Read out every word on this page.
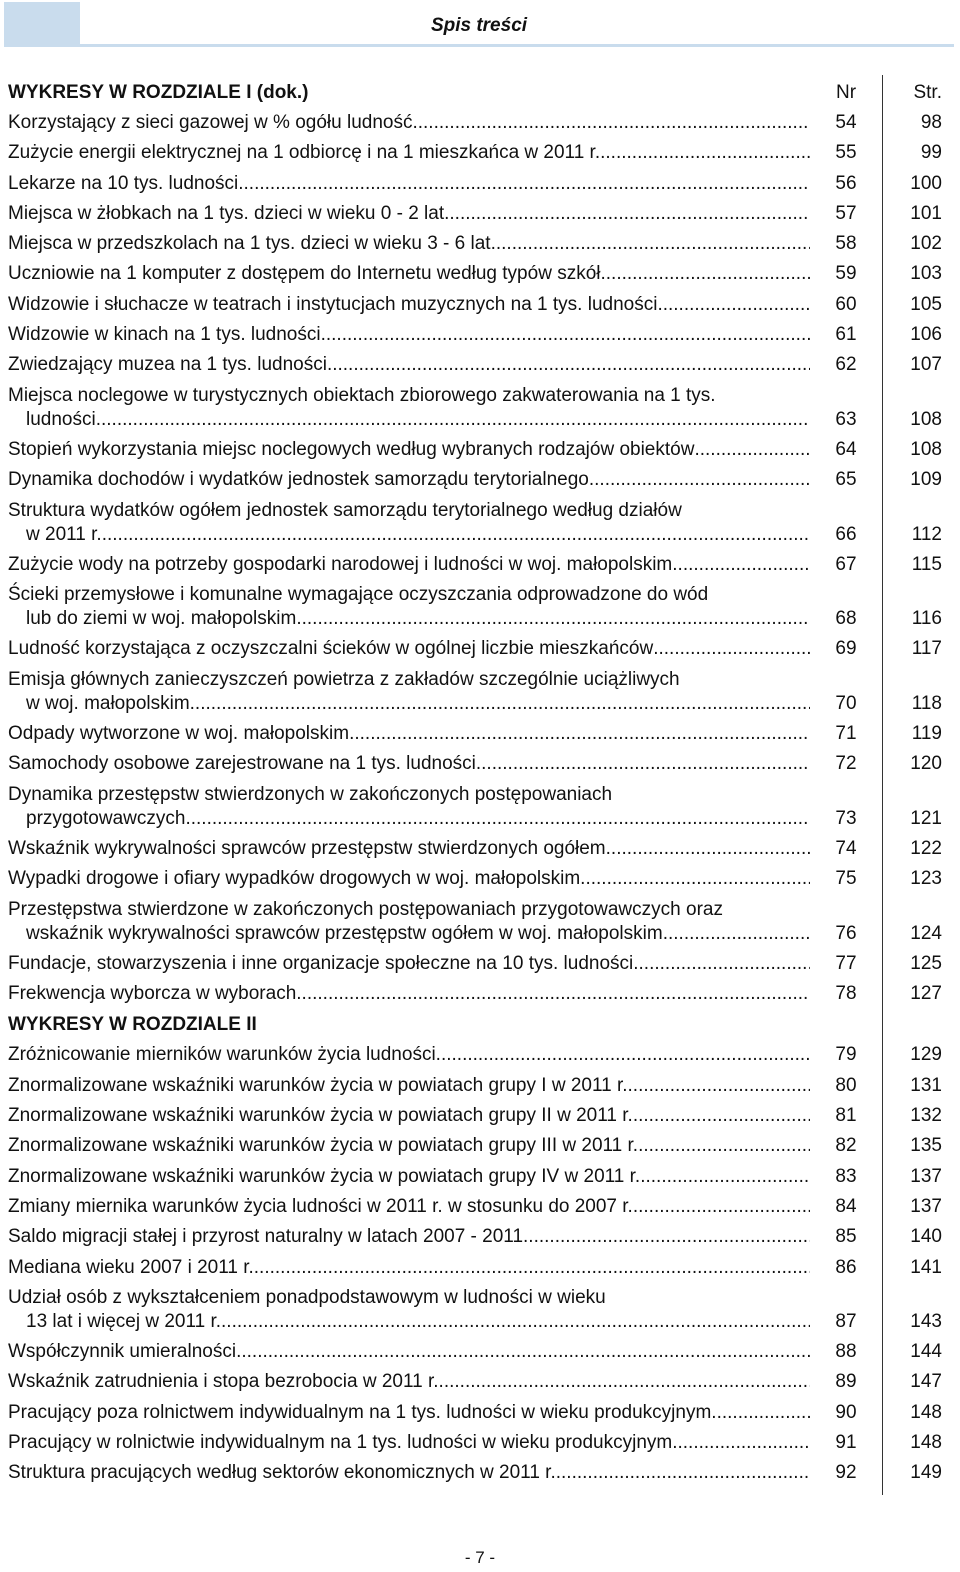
Spis treści
WYKRESY W ROZDZIALE I (dok.)	Nr	Str.
Korzystający z sieci gazowej w % ogółu ludność .....	54	98
Zużycie energii elektrycznej na 1 odbiorcę i na 1 mieszkańca w 2011 r. .....	55	99
Lekarze na 10 tys. ludności .....	56	100
Miejsca w żłobkach na 1 tys. dzieci w wieku 0 - 2 lat .....	57	101
Miejsca w przedszkolach na 1 tys. dzieci w wieku 3 - 6 lat .....	58	102
Uczniowie na 1 komputer z dostępem do Internetu według typów szkół .....	59	103
Widzowie i słuchacze w teatrach i instytucjach muzycznych na 1 tys. ludności .....	60	105
Widzowie w kinach na 1 tys. ludności .....	61	106
Zwiedzający muzea na 1 tys. ludności .....	62	107
Miejsca noclegowe w turystycznych obiektach zbiorowego zakwaterowania na 1 tys.
ludności .....	63	108
Stopień wykorzystania miejsc noclegowych według wybranych rodzajów obiektów .....	64	108
Dynamika dochodów i wydatków jednostek samorządu terytorialnego .....	65	109
Struktura wydatków ogółem jednostek samorządu terytorialnego według działów
w 2011 r. .....	66	112
Zużycie wody na potrzeby gospodarki narodowej i ludności w woj. małopolskim .....	67	115
Ścieki przemysłowe i komunalne wymagające oczyszczania odprowadzone do wód
lub do ziemi w woj. małopolskim .....	68	116
Ludność korzystająca z oczyszczalni ścieków w ogólnej liczbie mieszkańców .....	69	117
Emisja głównych zanieczyszczeń powietrza z zakładów szczególnie uciążliwych
w woj. małopolskim .....	70	118
Odpady wytworzone w woj. małopolskim .....	71	119
Samochody osobowe zarejestrowane na 1 tys. ludności .....	72	120
Dynamika przestępstw stwierdzonych w zakończonych postępowaniach
przygotowawczych .....	73	121
Wskaźnik wykrywalności sprawców przestępstw stwierdzonych ogółem .....	74	122
Wypadki drogowe i ofiary wypadków drogowych w woj. małopolskim .....	75	123
Przestępstwa stwierdzone w zakończonych postępowaniach przygotowawczych oraz
wskaźnik wykrywalności sprawców przestępstw ogółem w woj. małopolskim .....	76	124
Fundacje, stowarzyszenia i inne organizacje społeczne na 10 tys. ludności .....	77	125
Frekwencja wyborcza w wyborach .....	78	127
WYKRESY W ROZDZIALE II
Zróżnicowanie mierników warunków życia ludności .....	79	129
Znormalizowane wskaźniki warunków życia w powiatach grupy I w 2011 r. .....	80	131
Znormalizowane wskaźniki warunków życia w powiatach grupy II w 2011 r. .....	81	132
Znormalizowane wskaźniki warunków życia w powiatach grupy III w 2011 r. .....	82	135
Znormalizowane wskaźniki warunków życia w powiatach grupy IV w 2011 r. .....	83	137
Zmiany miernika warunków życia ludności w 2011 r. w stosunku do 2007 r. .....	84	137
Saldo migracji stałej i przyrost naturalny w latach 2007 - 2011 .....	85	140
Mediana wieku 2007 i 2011 r. .....	86	141
Udział osób z wykształceniem ponadpodstawowym w ludności w wieku
13 lat i więcej w 2011 r. .....	87	143
Współczynnik umieralności .....	88	144
Wskaźnik zatrudnienia i stopa bezrobocia w 2011 r. .....	89	147
Pracujący poza rolnictwem indywidualnym na 1 tys. ludności w wieku produkcyjnym .....	90	148
Pracujący w rolnictwie indywidualnym na 1 tys. ludności w wieku produkcyjnym .....	91	148
Struktura pracujących według sektorów ekonomicznych w 2011 r. .....	92	149
- 7 -
